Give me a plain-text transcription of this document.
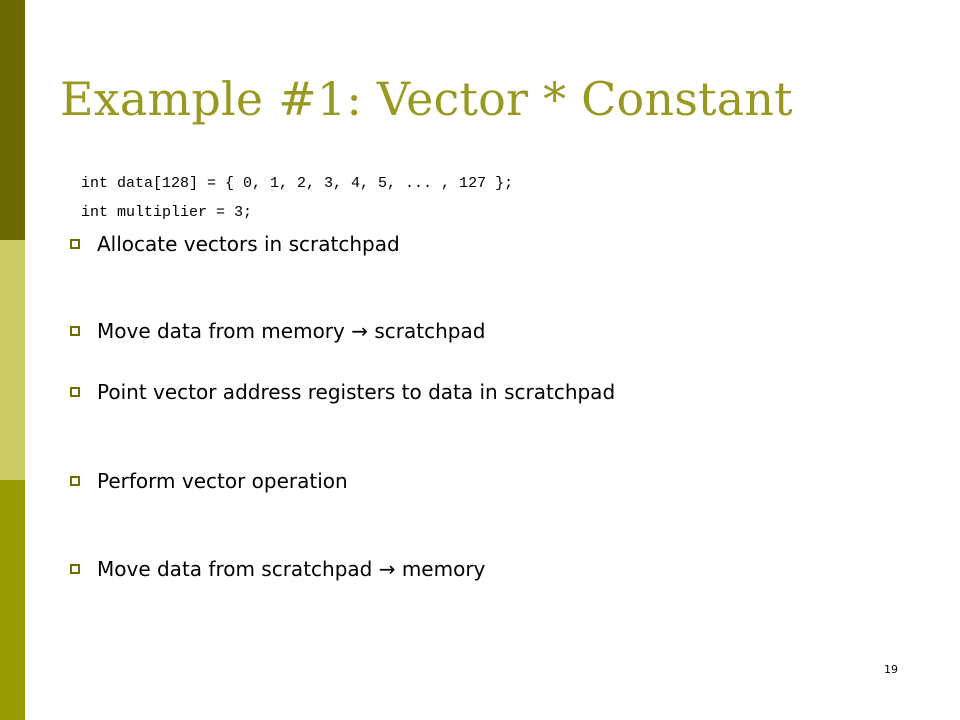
Example #1: Vector * Constant
int data[128] = { 0, 1, 2, 3, 4, 5, ... , 127 };
int multiplier = 3;
Allocate vectors in scratchpad
Move data from memory → scratchpad
Point vector address registers to data in scratchpad
Perform vector operation
Move data from scratchpad → memory
19
